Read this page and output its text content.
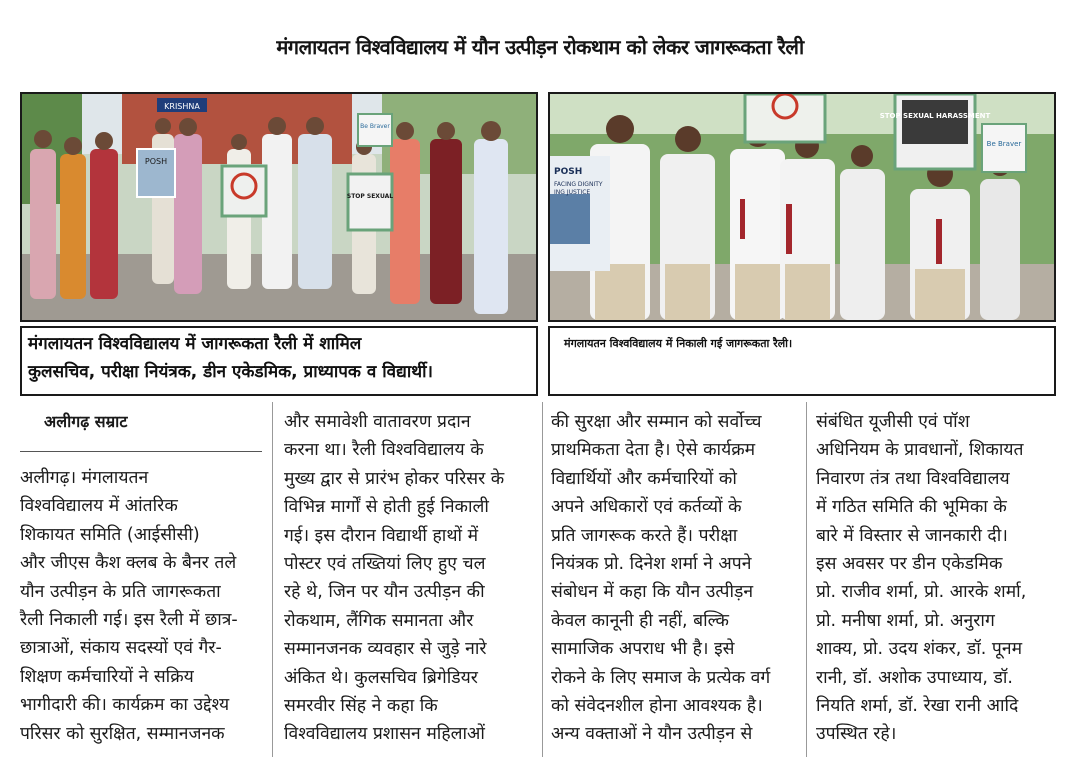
मंगलायतन विश्वविद्यालय में यौन उत्पीड़न रोकथाम को लेकर जागरूकता रैली
KRISHNA
POSH
STOP SEXUAL
Be Braver
POSH
FACING DIGNITY
ING JUSTICE
STOP SEXUAL HARASSMENT
Be Braver
मंगलायतन विश्वविद्यालय में जागरूकता रैली में शामिल
कुलसचिव, परीक्षा नियंत्रक, डीन एकेडमिक, प्राध्यापक व विद्यार्थी।
मंगलायतन विश्वविद्यालय में निकाली गई जागरूकता रैली।
अलीगढ़ सम्राट

अलीगढ़। मंगलायतन

विश्वविद्यालय में आंतरिक

शिकायत समिति (आईसीसी)

और जीएस कैश क्लब के बैनर तले

यौन उत्पीड़न के प्रति जागरूकता

रैली निकाली गई। इस रैली में छात्र-

छात्राओं, संकाय सदस्यों एवं गैर-

शिक्षण कर्मचारियों ने सक्रिय

भागीदारी की। कार्यक्रम का उद्देश्य

परिसर को सुरक्षित, सम्मानजनक

और समावेशी वातावरण प्रदान

करना था। रैली विश्वविद्यालय के

मुख्य द्वार से प्रारंभ होकर परिसर के

विभिन्न मार्गों से होती हुई निकाली

गई। इस दौरान विद्यार्थी हाथों में

पोस्टर एवं तख्तियां लिए हुए चल

रहे थे, जिन पर यौन उत्पीड़न की

रोकथाम, लैंगिक समानता और

सम्मानजनक व्यवहार से जुड़े नारे

अंकित थे। कुलसचिव ब्रिगेडियर

समरवीर सिंह ने कहा कि

विश्वविद्यालय प्रशासन महिलाओं

की सुरक्षा और सम्मान को सर्वोच्च

प्राथमिकता देता है। ऐसे कार्यक्रम

विद्यार्थियों और कर्मचारियों को

अपने अधिकारों एवं कर्तव्यों के

प्रति जागरूक करते हैं। परीक्षा

नियंत्रक प्रो. दिनेश शर्मा ने अपने

संबोधन में कहा कि यौन उत्पीड़न

केवल कानूनी ही नहीं, बल्कि

सामाजिक अपराध भी है। इसे

रोकने के लिए समाज के प्रत्येक वर्ग

को संवेदनशील होना आवश्यक है।

अन्य वक्ताओं ने यौन उत्पीड़न से

संबंधित यूजीसी एवं पॉश

अधिनियम के प्रावधानों, शिकायत

निवारण तंत्र तथा विश्वविद्यालय

में गठित समिति की भूमिका के

बारे में विस्तार से जानकारी दी।

इस अवसर पर डीन एकेडमिक

प्रो. राजीव शर्मा, प्रो. आरके शर्मा,

प्रो. मनीषा शर्मा, प्रो. अनुराग

शाक्य, प्रो. उदय शंकर, डॉ. पूनम

रानी, डॉ. अशोक उपाध्याय, डॉ.

नियति शर्मा, डॉ. रेखा रानी आदि

उपस्थित रहे।
